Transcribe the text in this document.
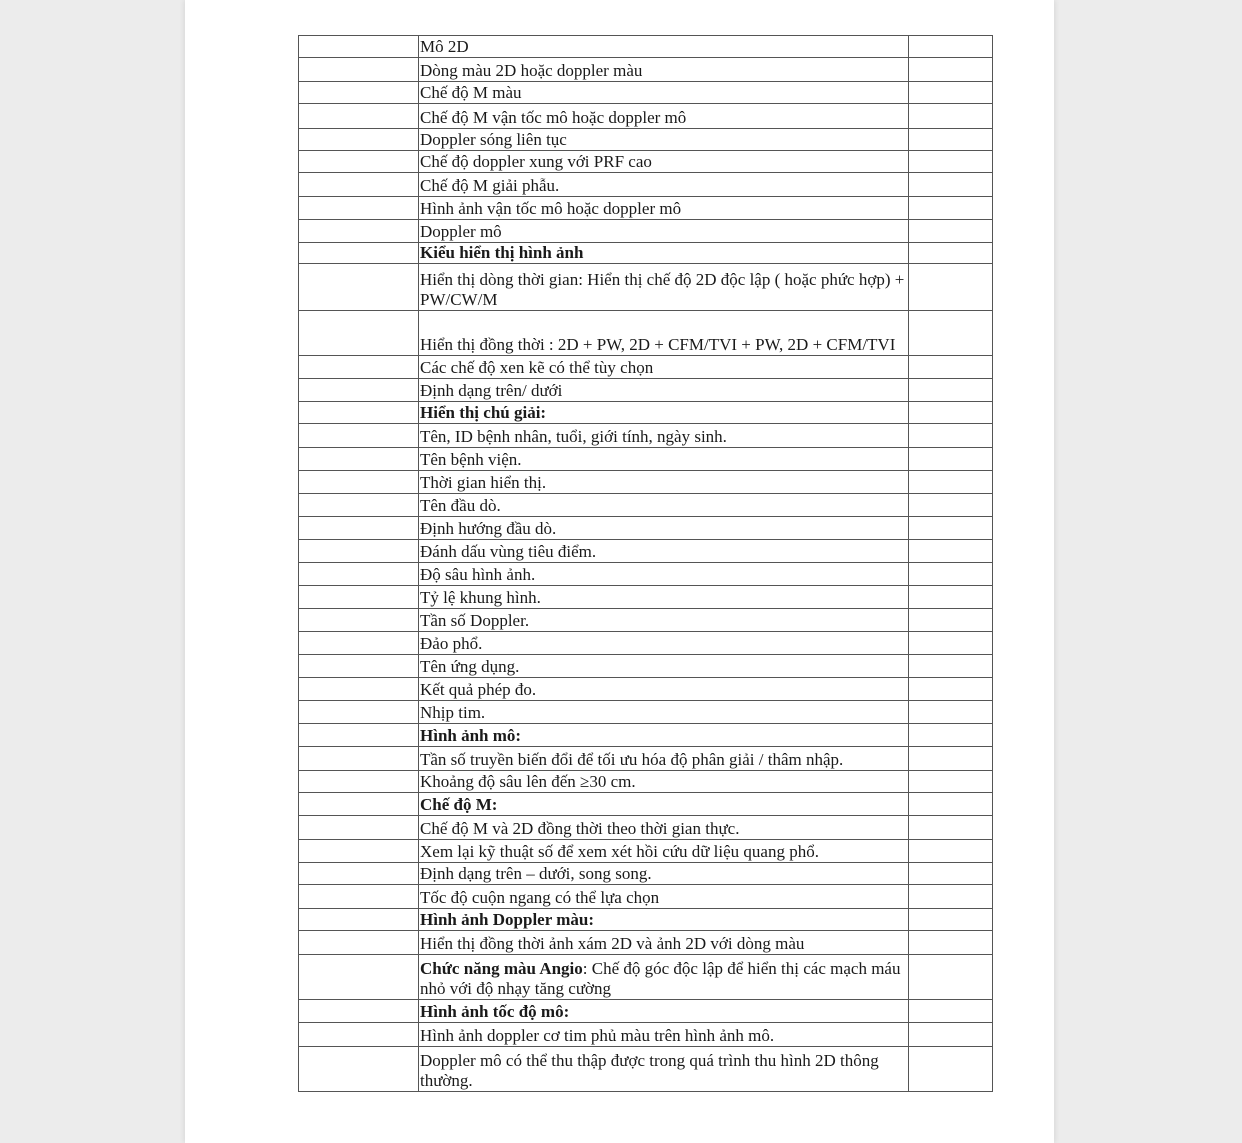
	Mô 2D	
	Dòng màu 2D hoặc doppler màu	
	Chế độ M màu	
	Chế độ M vận tốc mô hoặc doppler mô	
	Doppler sóng liên tục	
	Chế độ doppler xung với PRF cao	
	Chế độ M giải phẫu.	
	Hình ảnh vận tốc mô hoặc doppler mô	
	Doppler mô	
	Kiểu hiển thị hình ảnh	
	Hiển thị dòng thời gian: Hiển thị chế độ 2D độc lập ( hoặc phức hợp) + PW/CW/M	
	Hiển thị đồng thời : 2D + PW, 2D + CFM/TVI + PW, 2D + CFM/TVI	
	Các chế độ xen kẽ có thể tùy chọn	
	Định dạng trên/ dưới	
	Hiển thị chú giải:	
	Tên, ID bệnh nhân, tuổi, giới tính, ngày sinh.	
	Tên bệnh viện.	
	Thời gian hiển thị.	
	Tên đầu dò.	
	Định hướng đầu dò.	
	Đánh dấu vùng tiêu điểm.	
	Độ sâu hình ảnh.	
	Tỷ lệ khung hình.	
	Tần số Doppler.	
	Đảo phổ.	
	Tên ứng dụng.	
	Kết quả phép đo.	
	Nhịp tim.	
	Hình ảnh mô:	
	Tần số truyền biến đổi để tối ưu hóa độ phân giải / thâm nhập.	
	Khoảng độ sâu lên đến ≥30 cm.	
	Chế độ M:	
	Chế độ M và 2D đồng thời theo thời gian thực.	
	Xem lại kỹ thuật số để xem xét hồi cứu dữ liệu quang phổ.	
	Định dạng trên – dưới, song song.	
	Tốc độ cuộn ngang có thể lựa chọn	
	Hình ảnh Doppler màu:	
	Hiển thị đồng thời ảnh xám 2D và ảnh 2D với dòng màu	
	Chức năng màu Angio: Chế độ góc độc lập để hiển thị các mạch máu nhỏ với độ nhạy tăng cường	
	Hình ảnh tốc độ mô:	
	Hình ảnh doppler cơ tim phủ màu trên hình ảnh mô.	
	Doppler mô có thể thu thập được trong quá trình thu hình 2D thông thường.	
